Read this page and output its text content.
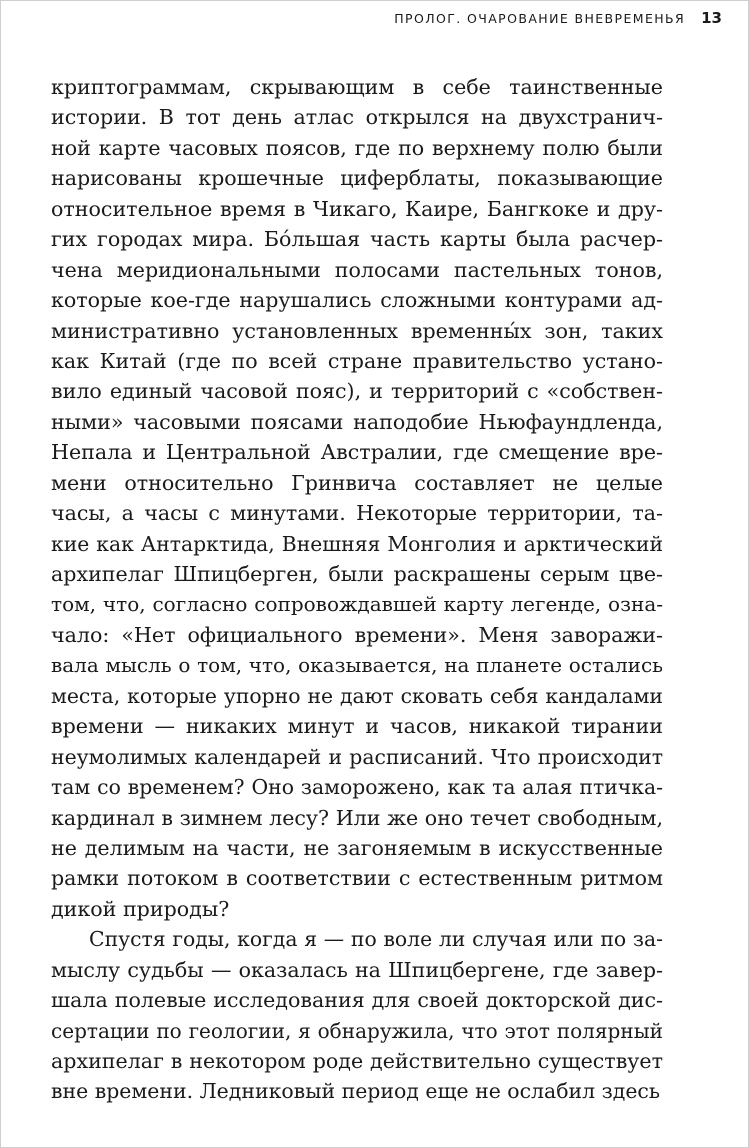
ПРОЛОГ. ОЧАРОВАНИЕ ВНЕВРЕМЕНЬЯ 13
криптограммам, скрывающим в себе таинственные
истории. В тот день атлас открылся на двухстранич-
ной карте часовых поясов, где по верхнему полю были
нарисованы крошечные циферблаты, показывающие
относительное время в Чикаго, Каире, Бангкоке и дру-
гих городах мира. Бóльшая часть карты была расчер-
чена меридиональными полосами пастельных тонов,
которые кое-где нарушались сложными контурами ад-
министративно установленных временны́х зон, таких
как Китай (где по всей стране правительство устано-
вило единый часовой пояс), и территорий с «собствен-
ными» часовыми поясами наподобие Ньюфаундленда,
Непала и Центральной Австралии, где смещение вре-
мени относительно Гринвича составляет не целые
часы, а часы с минутами. Некоторые территории, та-
кие как Антарктида, Внешняя Монголия и арктический
архипелаг Шпицберген, были раскрашены серым цве-
том, что, согласно сопровождавшей карту легенде, озна-
чало: «Нет официального времени». Меня заворажи-
вала мысль о том, что, оказывается, на планете остались
места, которые упорно не дают сковать себя кандалами
времени — никаких минут и часов, никакой тирании
неумолимых календарей и расписаний. Что происходит
там со временем? Оно заморожено, как та алая птичка-
кардинал в зимнем лесу? Или же оно течет свободным,
не делимым на части, не загоняемым в искусственные
рамки потоком в соответствии с естественным ритмом
дикой природы?
Спустя годы, когда я — по воле ли случая или по за-
мыслу судьбы — оказалась на Шпицбергене, где завер-
шала полевые исследования для своей докторской дис-
сертации по геологии, я обнаружила, что этот полярный
архипелаг в некотором роде действительно существует
вне времени. Ледниковый период еще не ослабил здесь
